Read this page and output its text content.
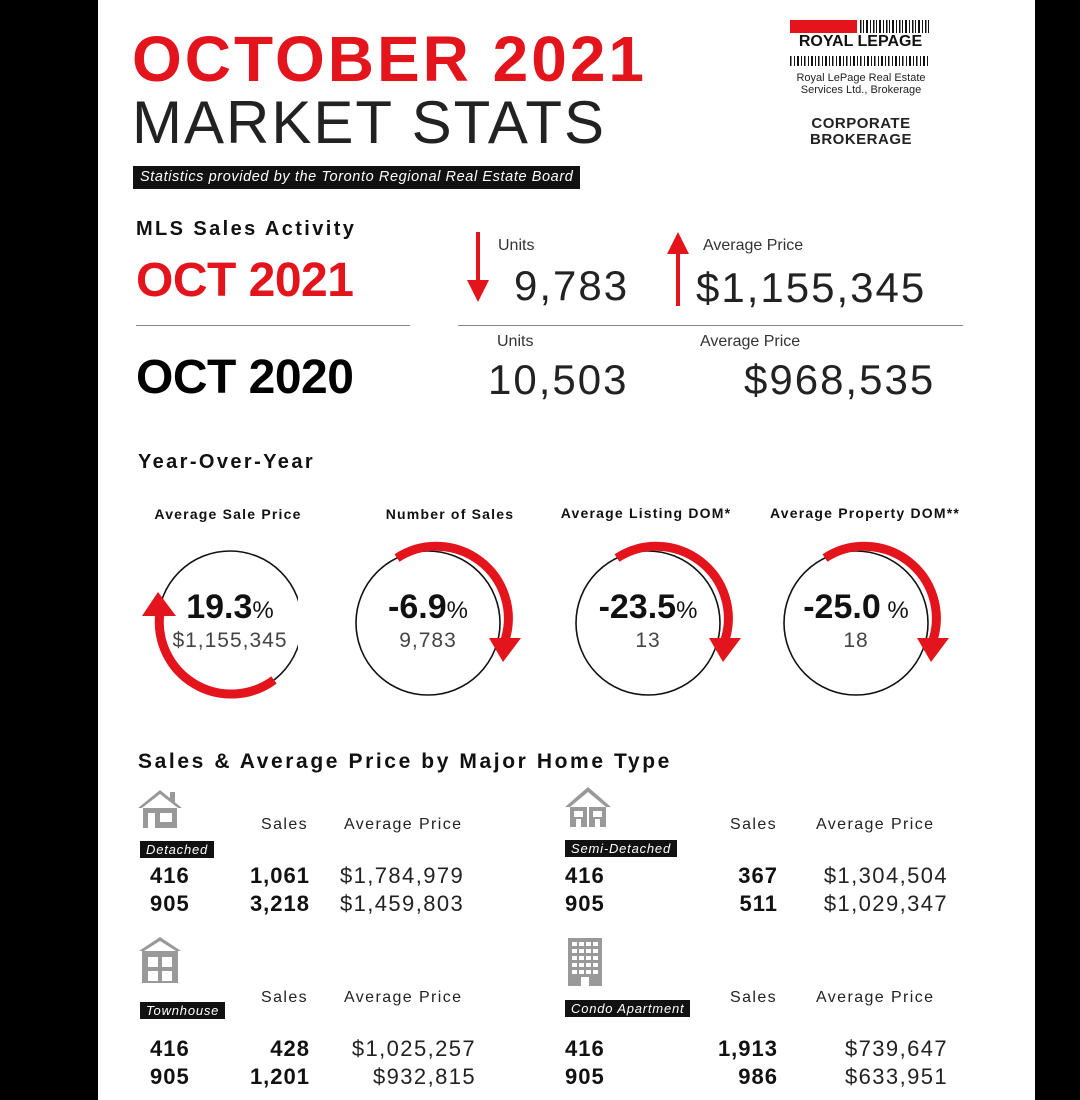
OCTOBER 2021
MARKET STATS
Statistics provided by the Toronto Regional Real Estate Board
ROYAL LEPAGE
Royal LePage Real Estate
Services Ltd., Brokerage
CORPORATE
BROKERAGE
MLS Sales Activity
OCT 2021
OCT 2020
Units
9,783
Average Price
$1,155,345
Units
10,503
Average Price
$968,535
Year-Over-Year
Average Sale Price	Number of Sales	Average Listing DOM*	Average Property DOM**
19.3%
$1,155,345
-6.9%
9,783
-23.5%
13
-25.0 %
18
Sales & Average Price by Major Home Type
Sales Average Price
Detached
416	1,061 $1,784,979
905	3,218 $1,459,803
Sales Average Price
Semi-Detached
416	367	$1,304,504
905	511	$1,029,347
Sales Average Price
Townhouse
416	428	$1,025,257
905	1,201	$932,815
Sales Average Price
Condo Apartment
416	1,913	$739,647
905	986	$633,951
